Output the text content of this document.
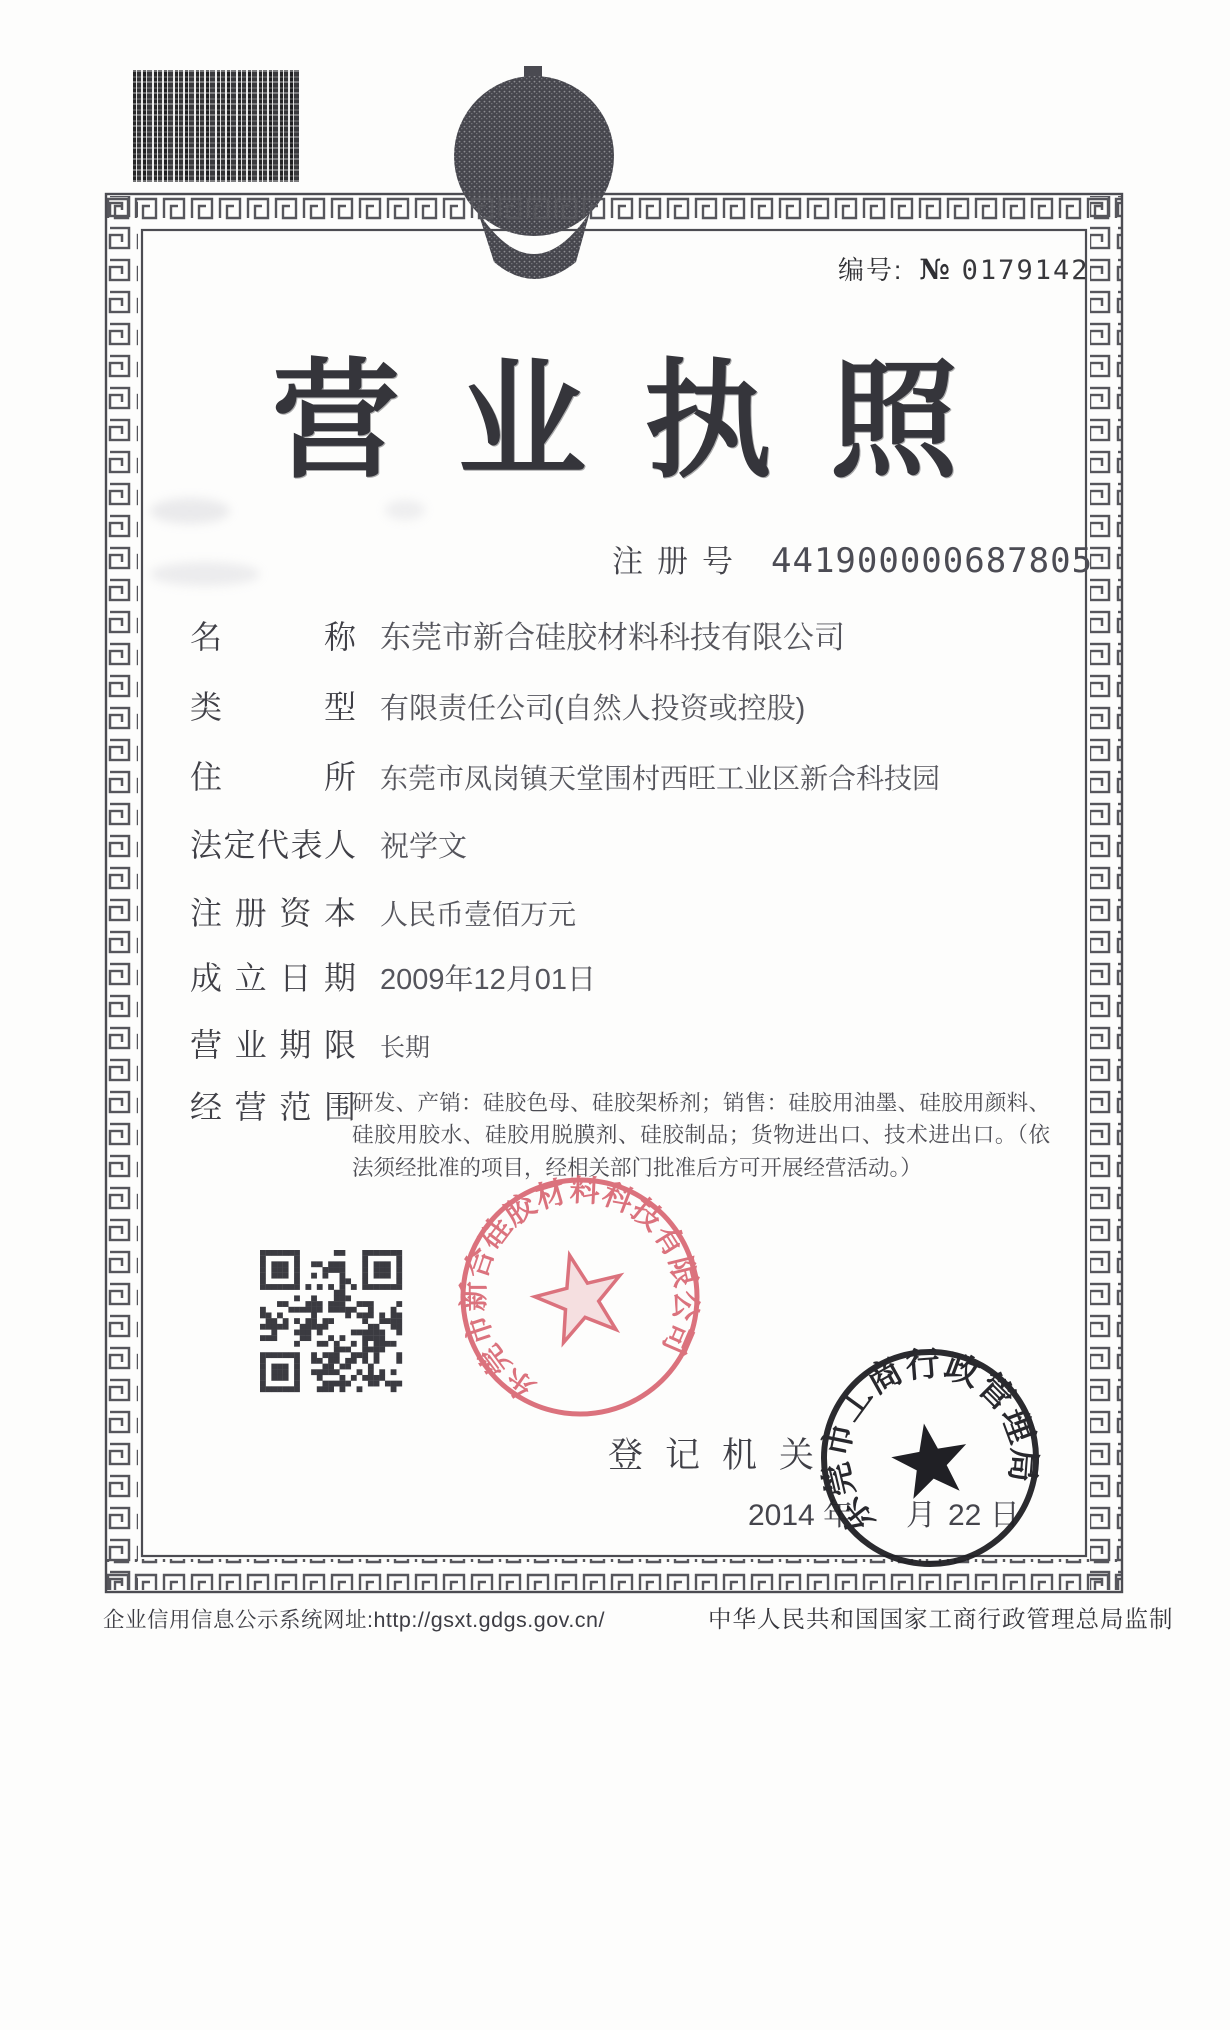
编号: № 0179142
营业执照
注册号 441900000687805
名称 东莞市新合硅胶材料科技有限公司
类型 有限责任公司(自然人投资或控股)
住所 东莞市凤岗镇天堂围村西旺工业区新合科技园
法定代表人 祝学文
注册资本 人民币壹佰万元
成立日期 2009年12月01日
营业期限 长期
经营范围
研发、产销：硅胶色母、硅胶架桥剂；销售：硅胶用油墨、硅胶用颜料、硅胶用胶水、硅胶用脱膜剂、硅胶制品；货物进出口、技术进出口。（依法须经批准的项目，经相关部门批准后方可开展经营活动。）
登记机关
2014 年 月 22 日
东莞市新合硅胶材料科技有限公司
东莞市工商行政管理局
企业信用信息公示系统网址:http://gsxt.gdgs.gov.cn/	中华人民共和国国家工商行政管理总局监制
